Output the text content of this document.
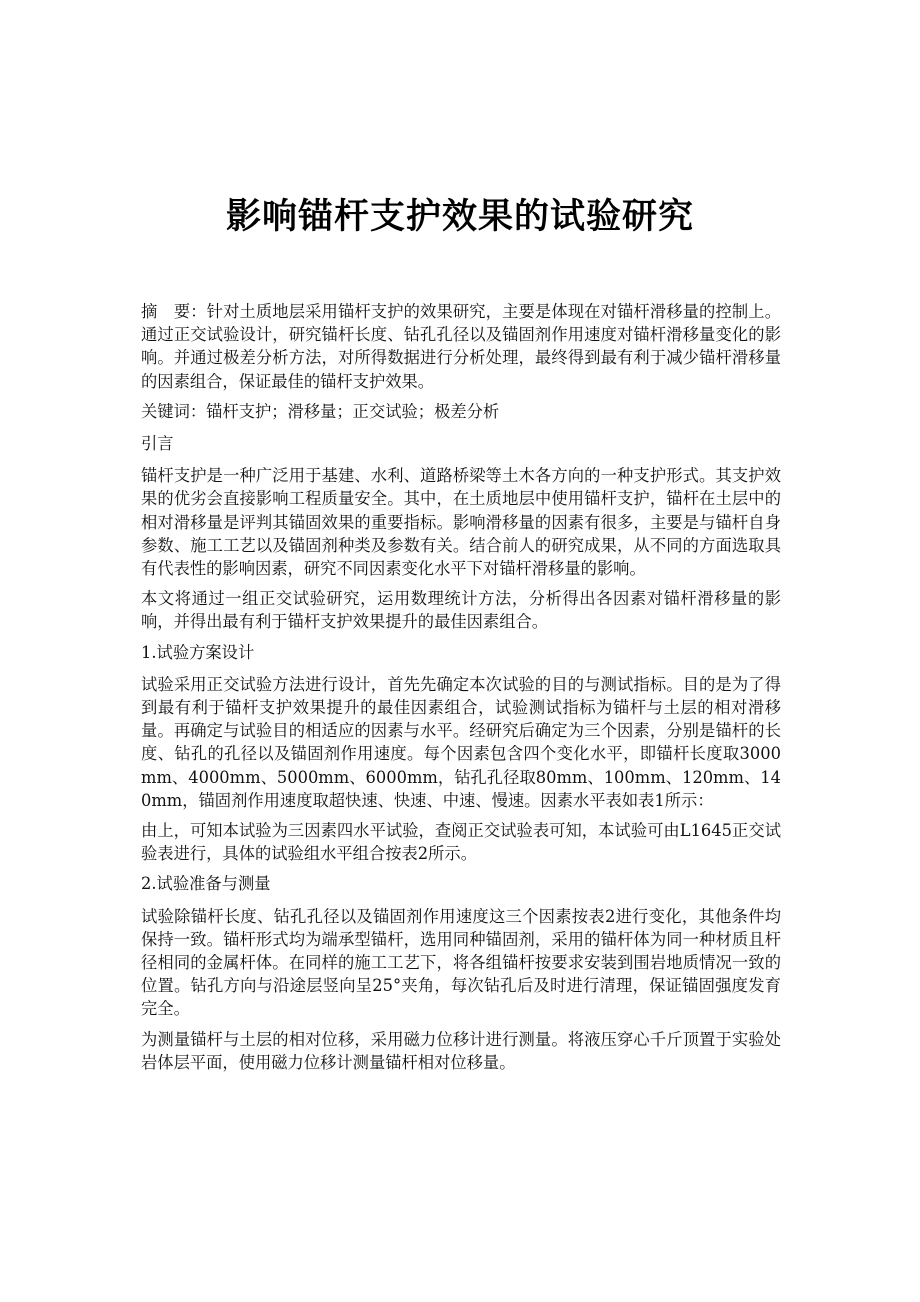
影响锚杆支护效果的试验研究

摘　要：针对土质地层采用锚杆支护的效果研究，主要是体现在对锚杆滑移量的控制上。通过正交试验设计，研究锚杆长度、钻孔孔径以及锚固剂作用速度对锚杆滑移量变化的影响。并通过极差分析方法，对所得数据进行分析处理，最终得到最有利于减少锚杆滑移量的因素组合，保证最佳的锚杆支护效果。

关键词：锚杆支护；滑移量；正交试验；极差分析

引言

锚杆支护是一种广泛用于基建、水利、道路桥梁等土木各方向的一种支护形式。其支护效果的优劣会直接影响工程质量安全。其中，在土质地层中使用锚杆支护，锚杆在土层中的相对滑移量是评判其锚固效果的重要指标。影响滑移量的因素有很多，主要是与锚杆自身参数、施工工艺以及锚固剂种类及参数有关。结合前人的研究成果，从不同的方面选取具有代表性的影响因素，研究不同因素变化水平下对锚杆滑移量的影响。

本文将通过一组正交试验研究，运用数理统计方法，分析得出各因素对锚杆滑移量的影响，并得出最有利于锚杆支护效果提升的最佳因素组合。

1.试验方案设计

试验采用正交试验方法进行设计，首先先确定本次试验的目的与测试指标。目的是为了得到最有利于锚杆支护效果提升的最佳因素组合，试验测试指标为锚杆与土层的相对滑移量。再确定与试验目的相适应的因素与水平。经研究后确定为三个因素，分别是锚杆的长度、钻孔的孔径以及锚固剂作用速度。每个因素包含四个变化水平，即锚杆长度取3000mm、4000mm、5000mm、6000mm，钻孔孔径取80mm、100mm、120mm、140mm，锚固剂作用速度取超快速、快速、中速、慢速。因素水平表如表1所示：

由上，可知本试验为三因素四水平试验，查阅正交试验表可知，本试验可由L1645正交试验表进行，具体的试验组水平组合按表2所示。

2.试验准备与测量

试验除锚杆长度、钻孔孔径以及锚固剂作用速度这三个因素按表2进行变化，其他条件均保持一致。锚杆形式均为端承型锚杆，选用同种锚固剂，采用的锚杆体为同一种材质且杆径相同的金属杆体。在同样的施工工艺下，将各组锚杆按要求安装到围岩地质情况一致的位置。钻孔方向与沿途层竖向呈25°夹角，每次钻孔后及时进行清理，保证锚固强度发育完全。

为测量锚杆与土层的相对位移，采用磁力位移计进行测量。将液压穿心千斤顶置于实验处岩体层平面，使用磁力位移计测量锚杆相对位移量。
